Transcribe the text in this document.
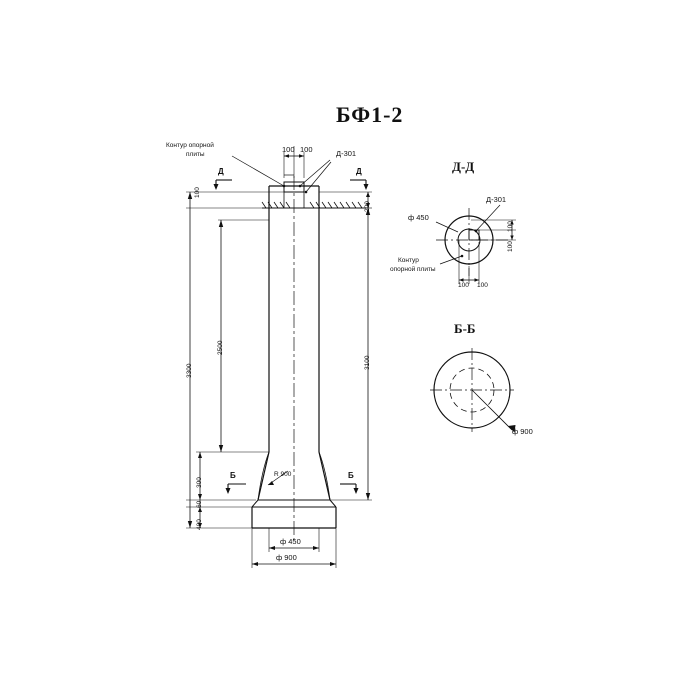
БФ1-2
Контур опорной
плиты
100 100	Д-301
Д	Д
100
3300
2500
3100
200
300
60
400
R 900
Б	Б
ф 450
ф 900
Д-Д
Д-301
ф 450
Контур
опорной плиты
100 100
100
100
Б-Б
ф 900
